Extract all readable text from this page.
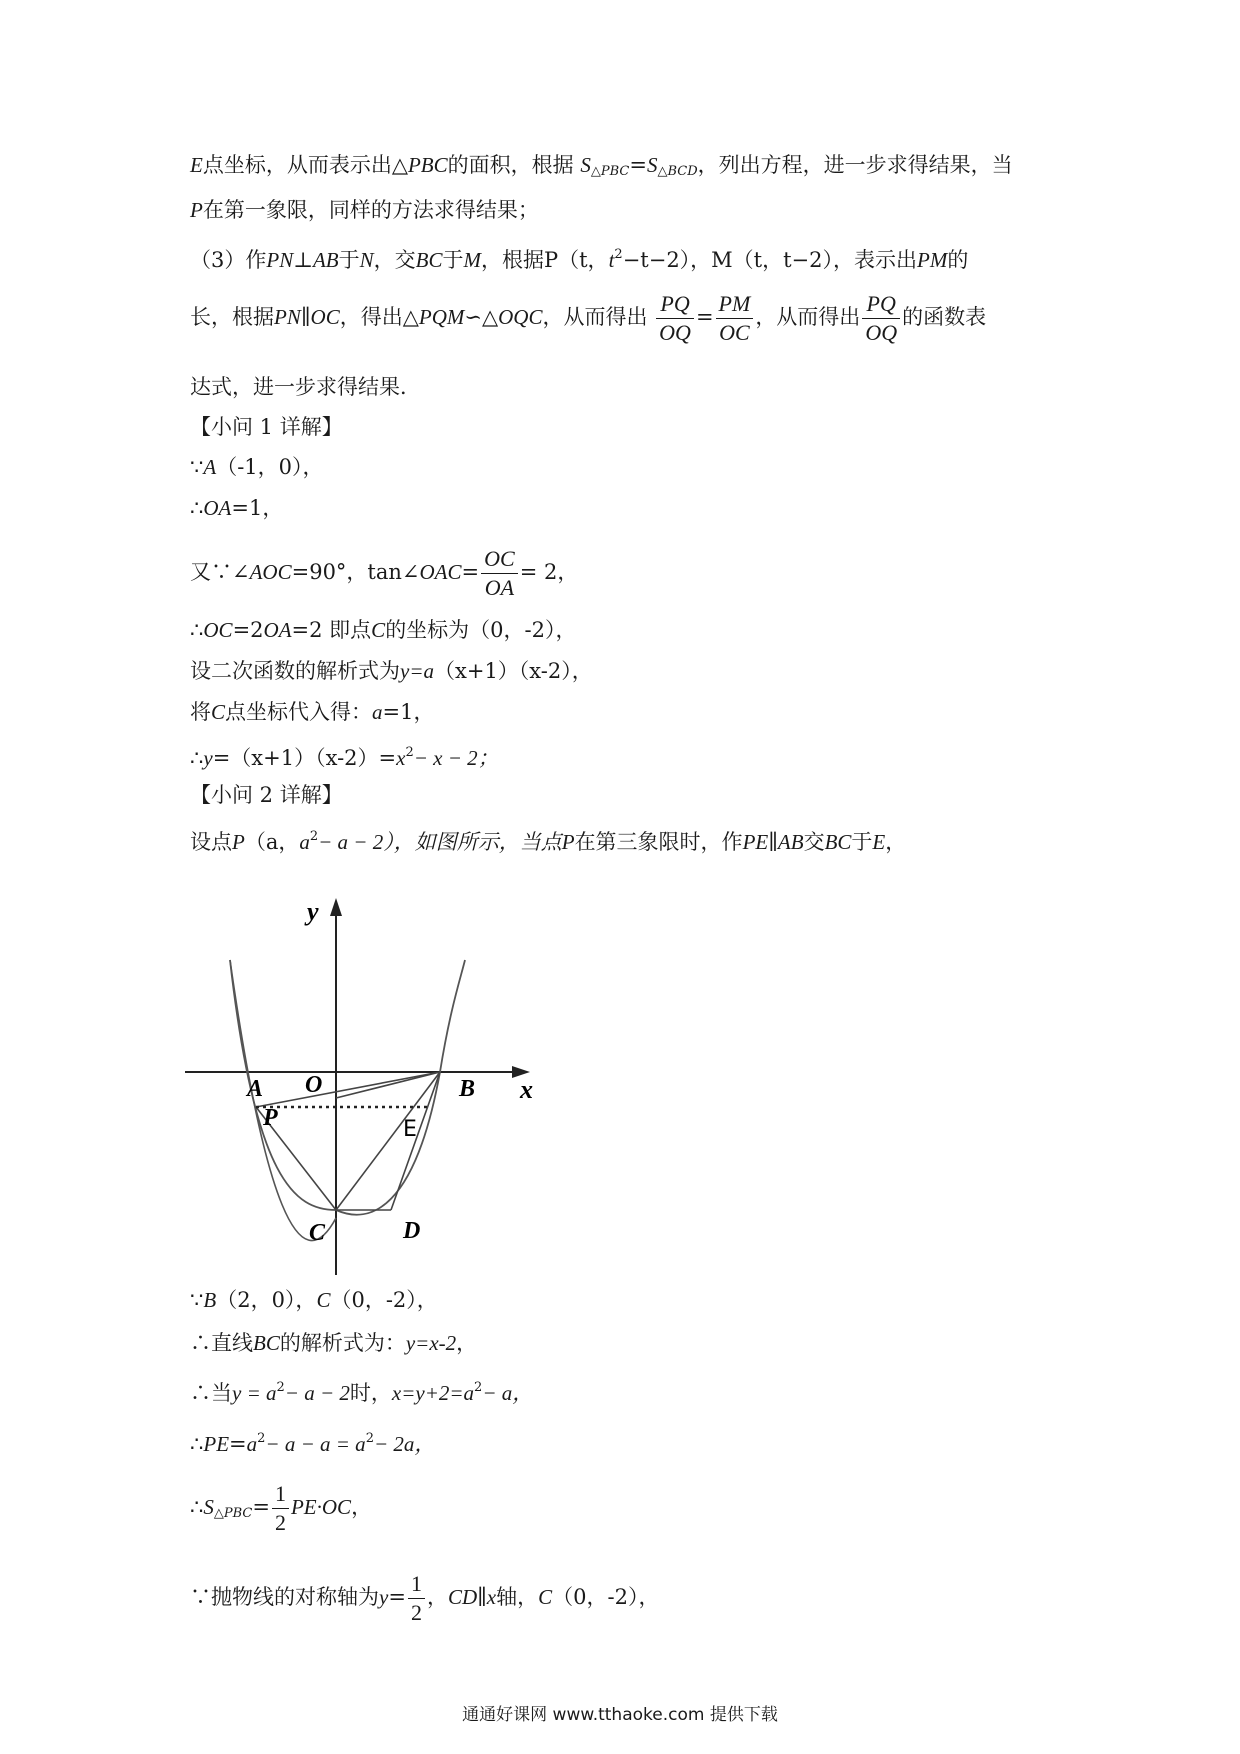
E点坐标，从而表示出△PBC的面积，根据 $S_{\triangle PBC}=S_{\triangle BCD}$，列出方程，进一步求得结果，当
P在第一象限，同样的方法求得结果；
（3）作PN⊥AB于N，交BC于M，根据P（t，$t^2-t-2$），M（t，t−2），表示出PM的
长，根据PN∥OC，得出△PQM∽△OQC，从而得出 $\frac{PQ}{OQ} = \frac{PM}{OC}$ ，从而得出 $\frac{PQ}{OQ}$ 的函数表
达式，进一步求得结果．
【小问 1 详解】
∵A（-1，0），
∴OA=1，
又∵∠AOC=90°，tan∠OAC= $\frac{OC}{OA} = 2$，
∴OC=2OA=2 即点C的坐标为（0，-2），
设二次函数的解析式为y=a（x+1）（x-2），
将C点坐标代入得：a=1，
$\therefore y=(x+1)(x-2)=x^2- x - 2$；
【小问 2 详解】
设点P（a，$a^2- a - 2$），如图所示，当点P在第三象限时，作PE∥AB交BC于E，
y
x
A O	B
P	E
C	D
∵B（2，0），C（0，-2），
∴直线BC的解析式为：y=x-2，
∴当$y = a^2- a - 2$时，$x=y+2=a^2- a$，
$\therefore PE=a^2- a - a = a^2- 2a$，
$\therefore S_{\triangle PBC}= \frac{1}{2} PE\cdot OC$，
∵抛物线的对称轴为$y= \frac{1}{2}$ ，CD∥x轴，C（0，-2），
通通好课网 www.tthaoke.com 提供下载
